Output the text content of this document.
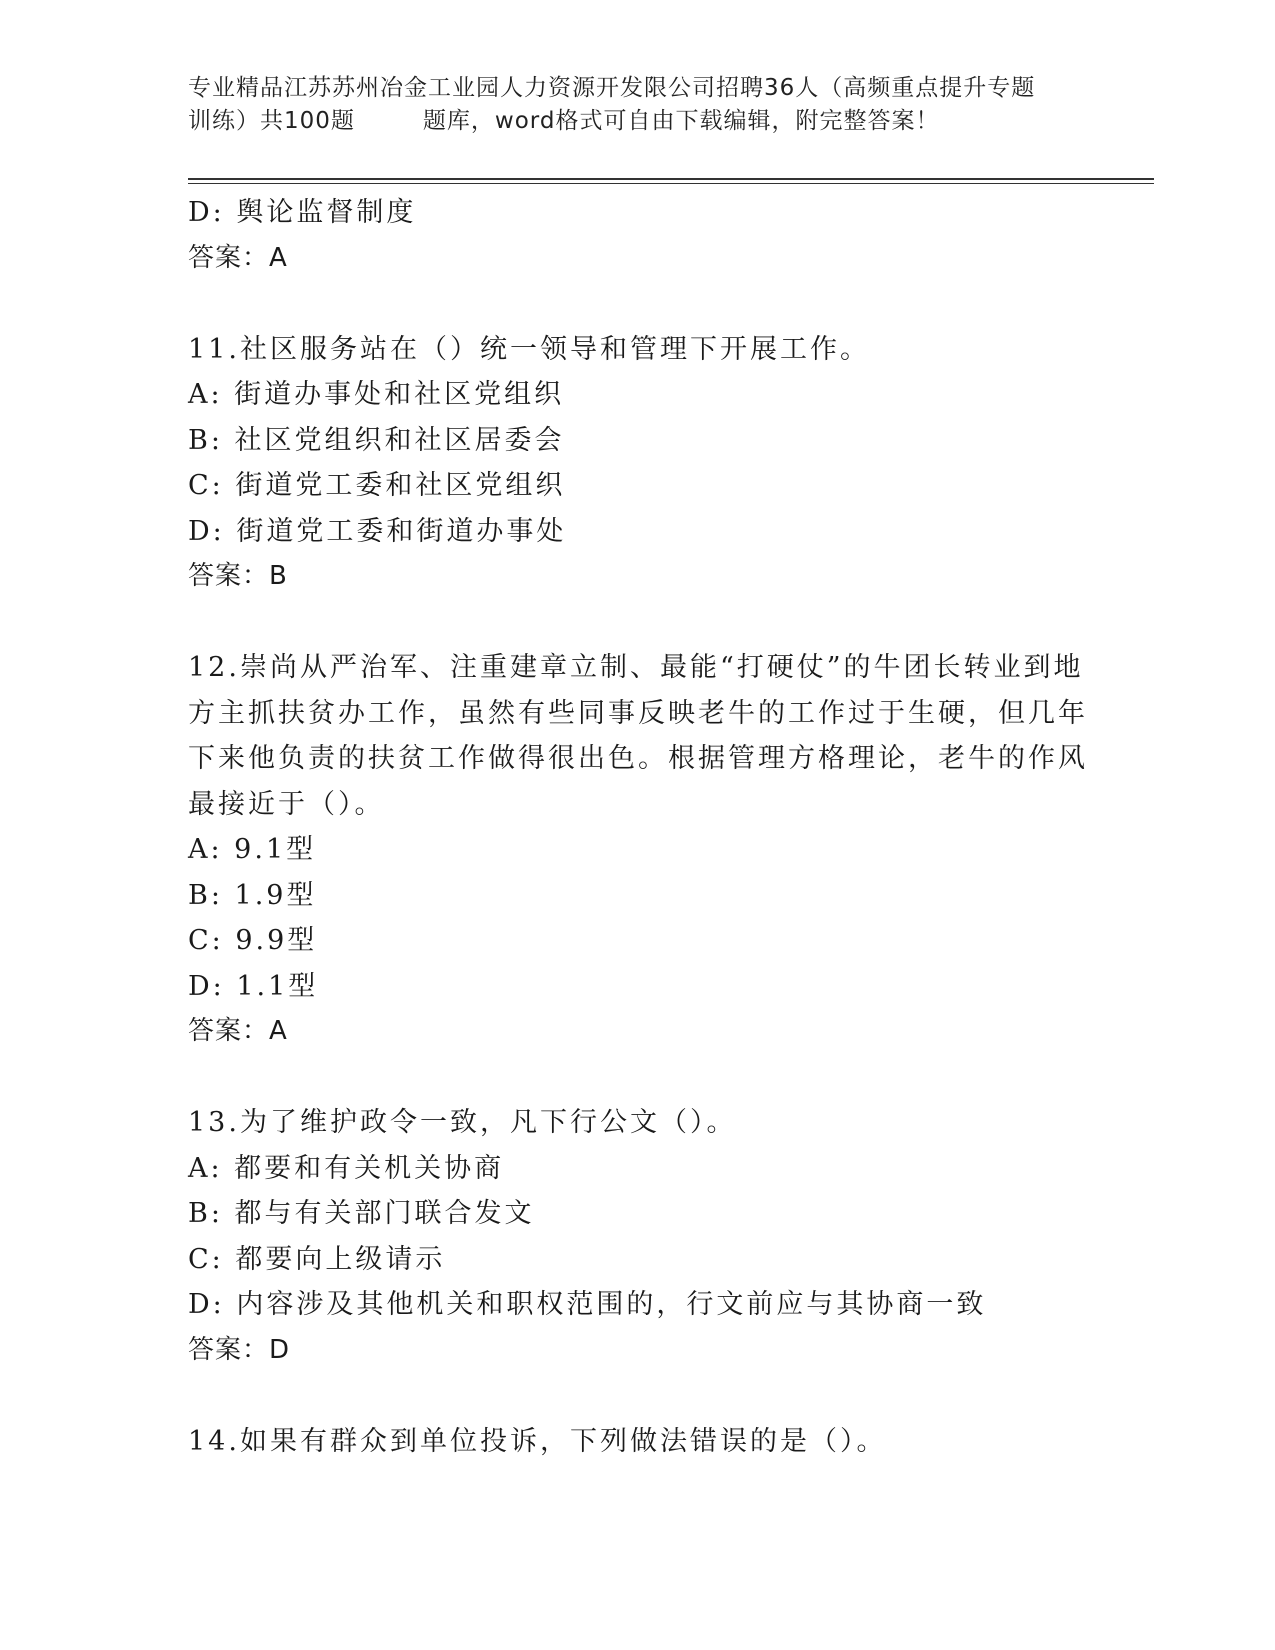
专业精品江苏苏州冶金工业园人力资源开发限公司招聘36人（高频重点提升专题
训练）共100题	题库，word格式可自由下载编辑，附完整答案！
D: 舆论监督制度
答案：A
11.社区服务站在（）统一领导和管理下开展工作。
A: 街道办事处和社区党组织
B: 社区党组织和社区居委会
C: 街道党工委和社区党组织
D: 街道党工委和街道办事处
答案：B
12.崇尚从严治军、注重建章立制、最能“打硬仗”的牛团长转业到地
方主抓扶贫办工作，虽然有些同事反映老牛的工作过于生硬，但几年
下来他负责的扶贫工作做得很出色。根据管理方格理论，老牛的作风
最接近于（）。
A: 9.1型
B: 1.9型
C: 9.9型
D: 1.1型
答案：A
13.为了维护政令一致，凡下行公文（）。
A: 都要和有关机关协商
B: 都与有关部门联合发文
C: 都要向上级请示
D: 内容涉及其他机关和职权范围的，行文前应与其协商一致
答案：D
14.如果有群众到单位投诉，下列做法错误的是（）。
